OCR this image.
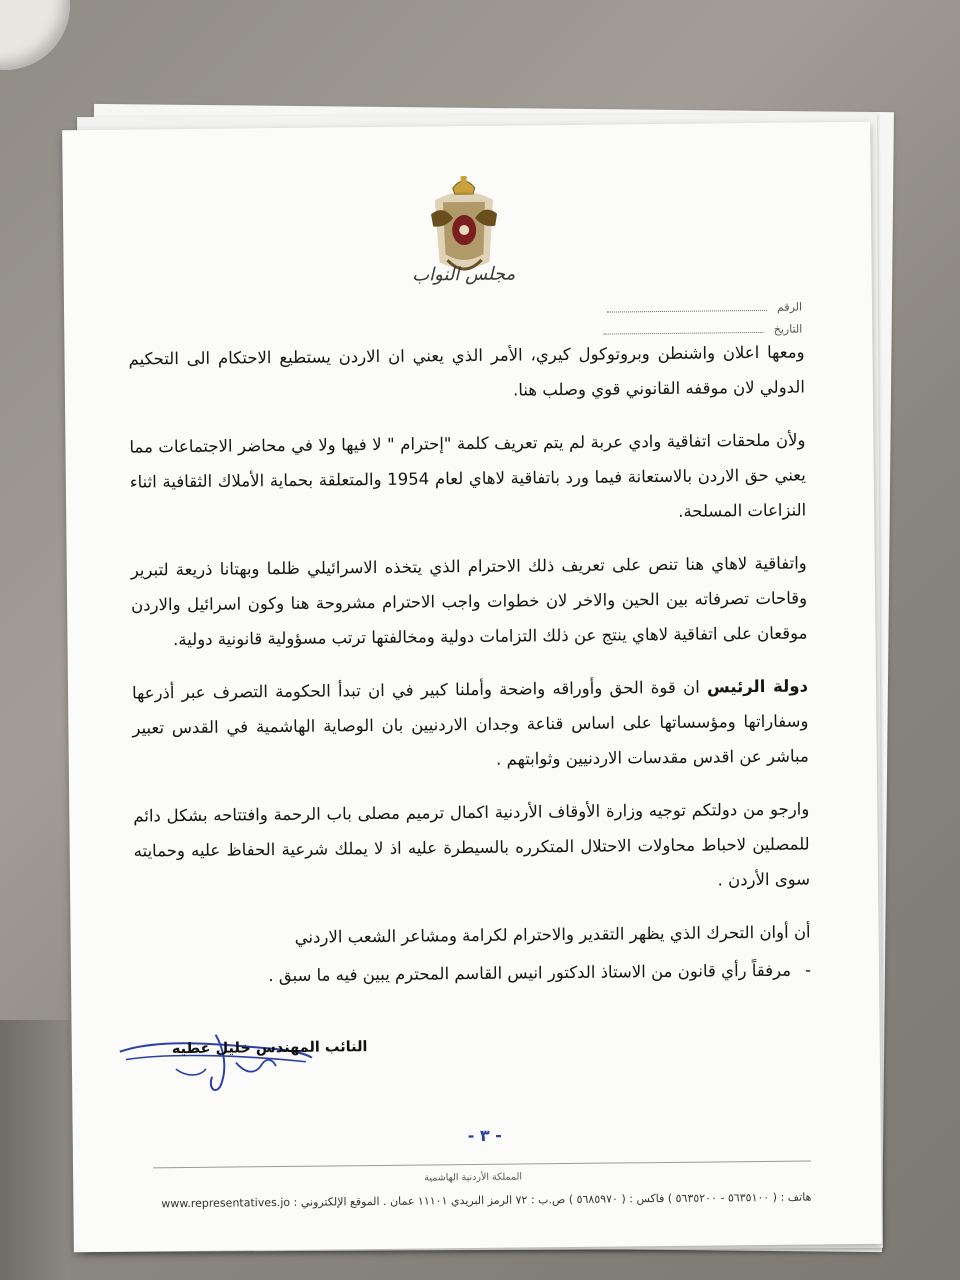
مجلس النواب
الرقم
التاريخ

ومعها اعلان واشنطن وبروتوكول كيري، الأمر الذي يعني ان الاردن يستطيع الاحتكام الى التحكيم الدولي لان موقفه القانوني قوي وصلب هنا.

ولأن ملحقات اتفاقية وادي عربة لم يتم تعريف كلمة "إحترام " لا فيها ولا في محاضر الاجتماعات مما يعني حق الاردن بالاستعانة فيما ورد باتفاقية لاهاي لعام 1954 والمتعلقة بحماية الأملاك الثقافية اثناء النزاعات المسلحة.

واتفاقية لاهاي هنا تنص على تعريف ذلك الاحترام الذي يتخذه الاسرائيلي ظلما وبهتانا ذريعة لتبرير وقاحات تصرفاته بين الحين والاخر لان خطوات واجب الاحترام مشروحة هنا وكون اسرائيل والاردن موقعان على اتفاقية لاهاي ينتج عن ذلك التزامات دولية ومخالفتها ترتب مسؤولية قانونية دولية.

دولة الرئيس ان قوة الحق وأوراقه واضحة وأملنا كبير في ان تبدأ الحكومة التصرف عبر أذرعها وسفاراتها ومؤسساتها على اساس قناعة وجدان الاردنيين بان الوصاية الهاشمية في القدس تعبير مباشر عن اقدس مقدسات الاردنيين وثوابتهم .

وارجو من دولتكم توجيه وزارة الأوقاف الأردنية اكمال ترميم مصلى باب الرحمة وافتتاحه بشكل دائم للمصلين لاحباط محاولات الاحتلال المتكرره بالسيطرة عليه اذ لا يملك شرعية الحفاظ عليه وحمايته سوى الأردن .

أن أوان التحرك الذي يظهر التقدير والاحترام لكرامة ومشاعر الشعب الاردني

-
مرفقاً رأي قانون من الاستاذ الدكتور انيس القاسم المحترم يبين فيه ما سبق .
النائب المهندس خليل عطيه
- ٣ -
المملكة الأردنية الهاشمية
هاتف : ( ٥٦٣٥١٠٠ - ٥٦٣٥٢٠٠ ) فاكس : ( ٥٦٨٥٩٧٠ ) ص.ب : ٧٢ الرمز البريدي ١١١٠١ عمان . الموقع الإلكتروني : www.representatives.jo
